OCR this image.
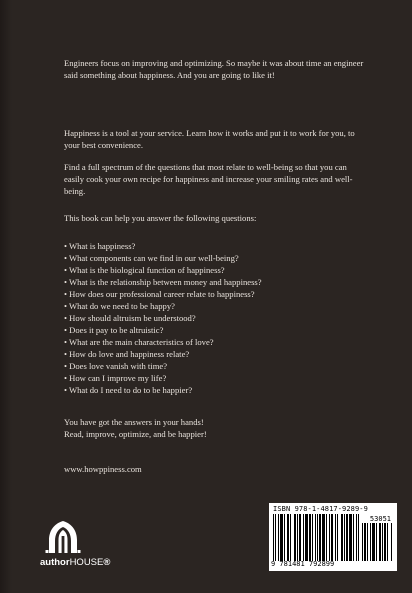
Engineers focus on improving and optimizing. So maybe it was about time an engineer said something about happiness. And you are going to like it!

Happiness is a tool at your service. Learn how it works and put it to work for you, to your best convenience.

Find a full spectrum of the questions that most relate to well-being so that you can easily cook your own recipe for happiness and increase your smiling rates and well-being.

This book can help you answer the following questions:

• What is happiness?
• What components can we find in our well-being?
• What is the biological function of happiness?
• What is the relationship between money and happiness?
• How does our professional career relate to happiness?
• What do we need to be happy?
• How should altruism be understood?
• Does it pay to be altruistic?
• What are the main characteristics of love?
• How do love and happiness relate?
• Does love vanish with time?
• How can I improve my life?
• What do I need to do to be happier?

You have got the answers in your hands!

Read, improve, optimize, and be happier!

www.howppiness.com

authorHOUSE®
ISBN 978-1-4817-9289-9
53051
9 781481 792899
